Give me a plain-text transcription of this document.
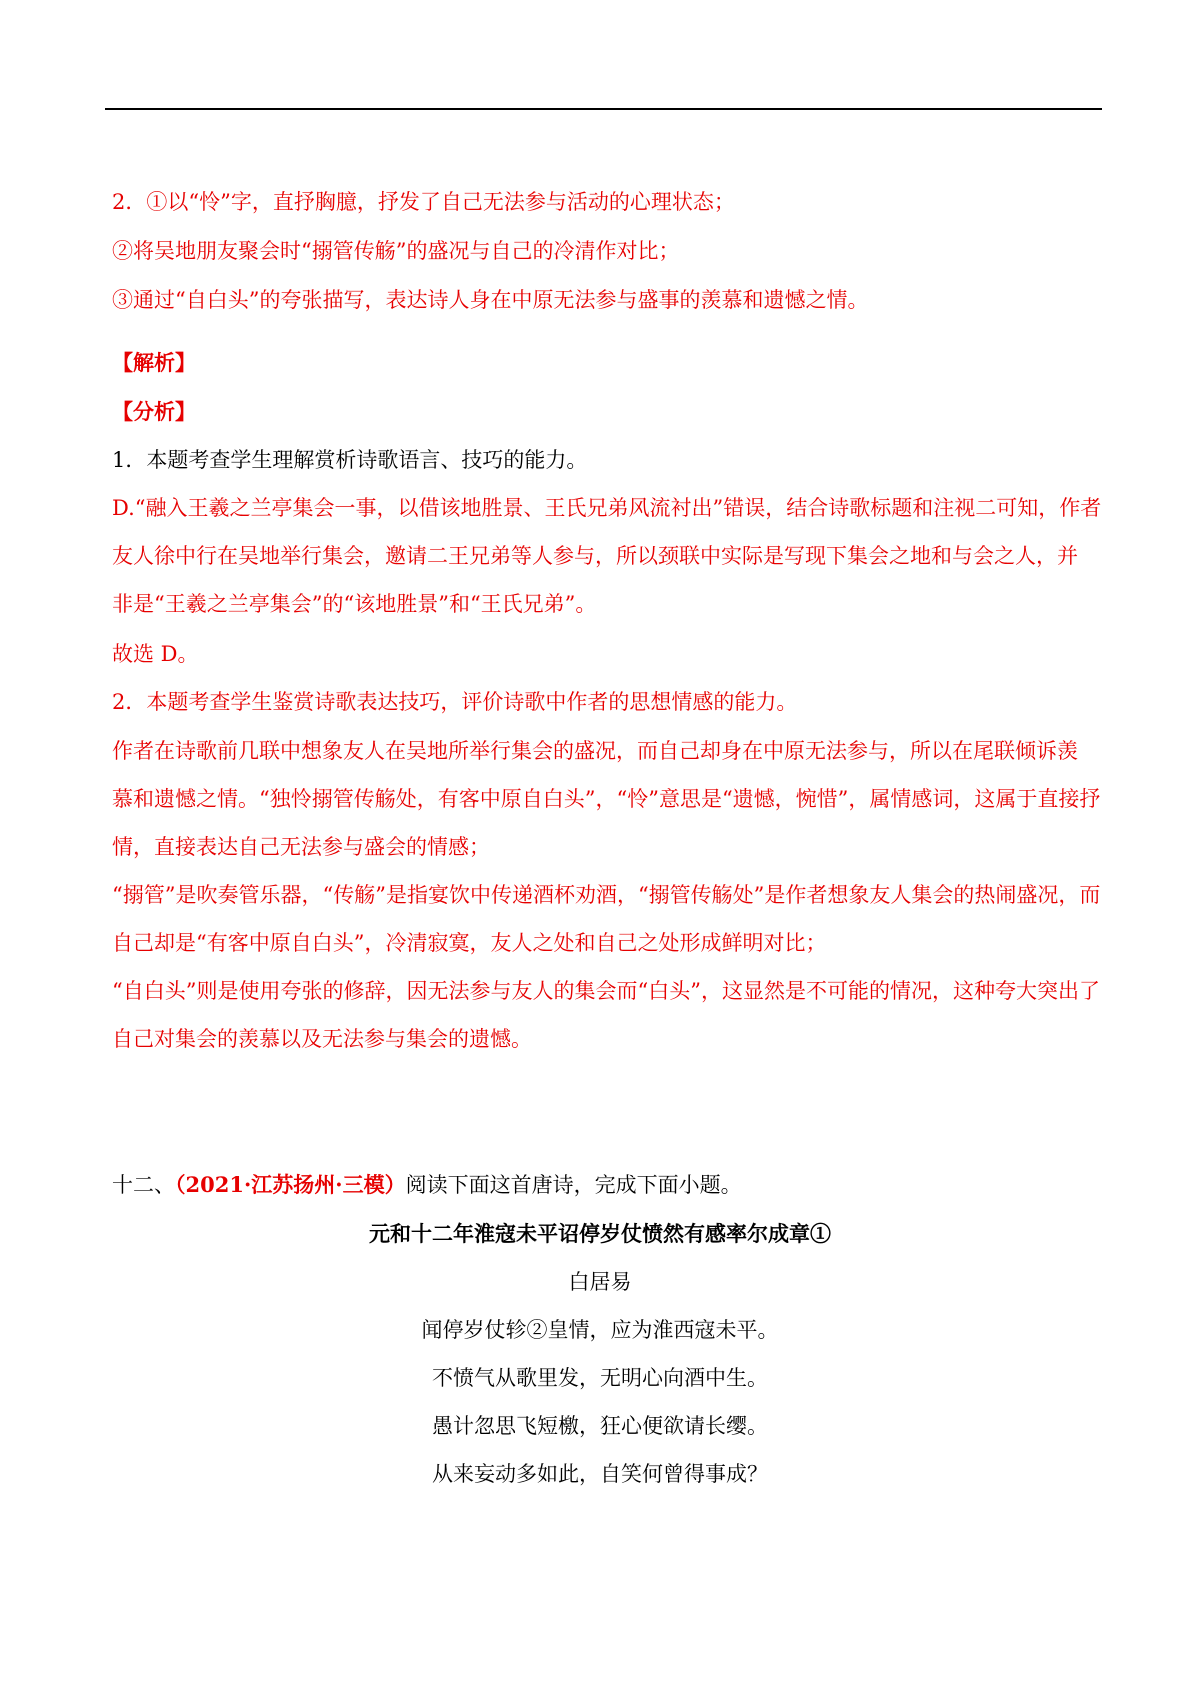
2．①以“怜”字，直抒胸臆，抒发了自己无法参与活动的心理状态；
②将吴地朋友聚会时“搦管传觞”的盛况与自己的冷清作对比；
③通过“自白头”的夸张描写，表达诗人身在中原无法参与盛事的羡慕和遗憾之情。
【解析】
【分析】
1．本题考查学生理解赏析诗歌语言、技巧的能力。
D.“融入王羲之兰亭集会一事，以借该地胜景、王氏兄弟风流衬出”错误，结合诗歌标题和注视二可知，作者
友人徐中行在吴地举行集会，邀请二王兄弟等人参与，所以颈联中实际是写现下集会之地和与会之人，并
非是“王羲之兰亭集会”的“该地胜景”和“王氏兄弟”。
故选 D。
2．本题考查学生鉴赏诗歌表达技巧，评价诗歌中作者的思想情感的能力。
作者在诗歌前几联中想象友人在吴地所举行集会的盛况，而自己却身在中原无法参与，所以在尾联倾诉羡
慕和遗憾之情。“独怜搦管传觞处，有客中原自白头”，“怜”意思是“遗憾，惋惜”，属情感词，这属于直接抒
情，直接表达自己无法参与盛会的情感；
“搦管”是吹奏管乐器，“传觞”是指宴饮中传递酒杯劝酒，“搦管传觞处”是作者想象友人集会的热闹盛况，而
自己却是“有客中原自白头”，冷清寂寞，友人之处和自己之处形成鲜明对比；
“自白头”则是使用夸张的修辞，因无法参与友人的集会而“白头”，这显然是不可能的情况，这种夸大突出了
自己对集会的羡慕以及无法参与集会的遗憾。
十二、（2021·江苏扬州·三模）阅读下面这首唐诗，完成下面小题。
元和十二年淮寇未平诏停岁仗愤然有感率尔成章①
白居易
闻停岁仗轸②皇情，应为淮西寇未平。
不愤气从歌里发，无明心向酒中生。
愚计忽思飞短檄，狂心便欲请长缨。
从来妄动多如此，自笑何曾得事成？
